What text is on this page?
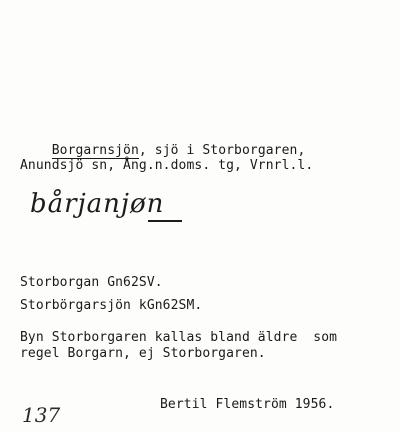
Borgarnsjön, sjö i Storborgaren,

Anundsjö sn, Ång.n.doms. tg, Vrnrl.l.
bårjanjøn
Storborgan Gn62SV.
Storbörgarsjön kGn62SM.
Byn Storborgaren kallas bland äldre  som
regel Borgarn, ej Storborgaren.
Bertil Flemström 1956.
137
